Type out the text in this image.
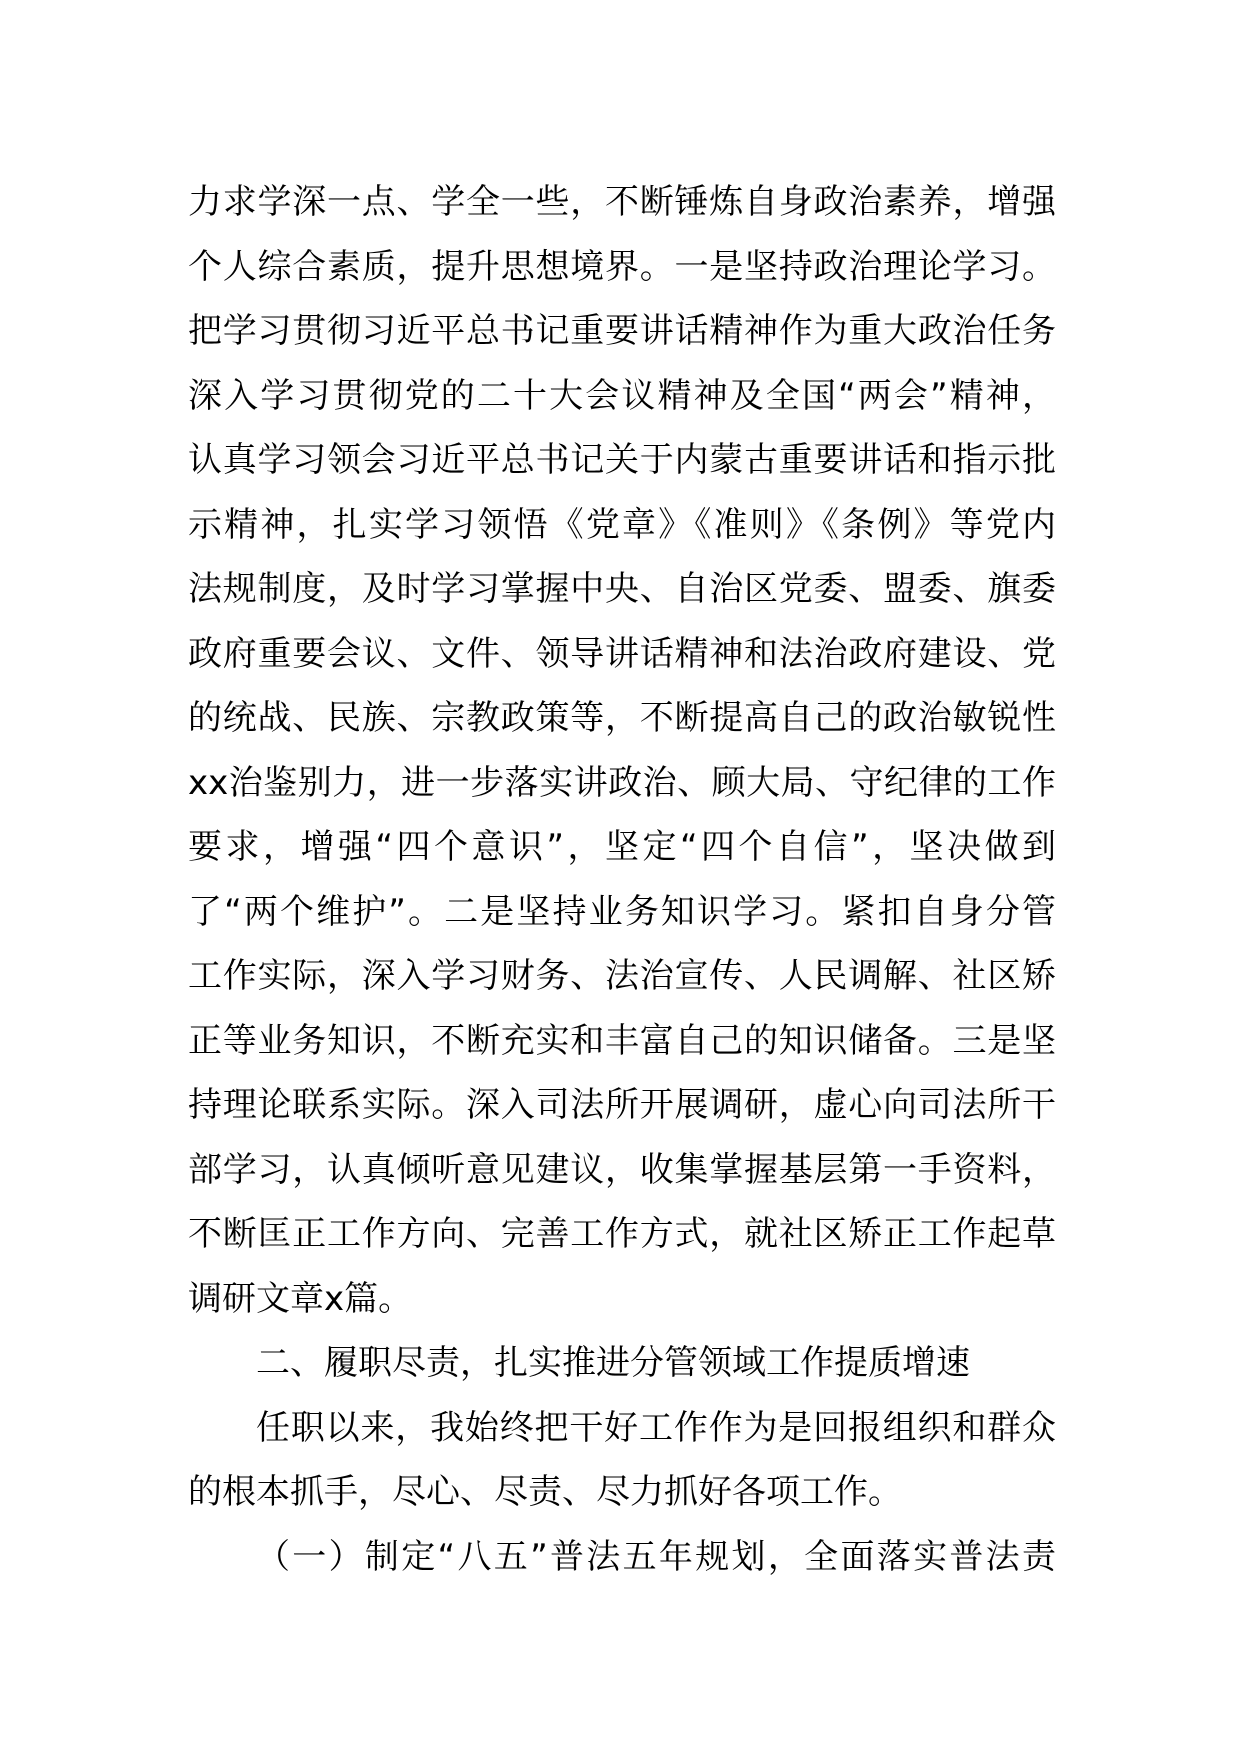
力求学深一点、学全一些，不断锤炼自身政治素养，增强
个人综合素质，提升思想境界。一是坚持政治理论学习。
把学习贯彻习近平总书记重要讲话精神作为重大政治任务
深入学习贯彻党的二十大会议精神及全国“两会”精神，
认真学习领会习近平总书记关于内蒙古重要讲话和指示批
示精神，扎实学习领悟《党章》《准则》《条例》等党内
法规制度，及时学习掌握中央、自治区党委、盟委、旗委
政府重要会议、文件、领导讲话精神和法治政府建设、党
的统战、民族、宗教政策等，不断提高自己的政治敏锐性
xx治鉴别力，进一步落实讲政治、顾大局、守纪律的工作
要求，增强“四个意识”，坚定“四个自信”，坚决做到
了“两个维护”。二是坚持业务知识学习。紧扣自身分管
工作实际，深入学习财务、法治宣传、人民调解、社区矫
正等业务知识，不断充实和丰富自己的知识储备。三是坚
持理论联系实际。深入司法所开展调研，虚心向司法所干
部学习，认真倾听意见建议，收集掌握基层第一手资料，
不断匡正工作方向、完善工作方式，就社区矫正工作起草
调研文章x篇。
二、履职尽责，扎实推进分管领域工作提质增速
任职以来，我始终把干好工作作为是回报组织和群众
的根本抓手，尽心、尽责、尽力抓好各项工作。
（一）制定“八五”普法五年规划，全面落实普法责
